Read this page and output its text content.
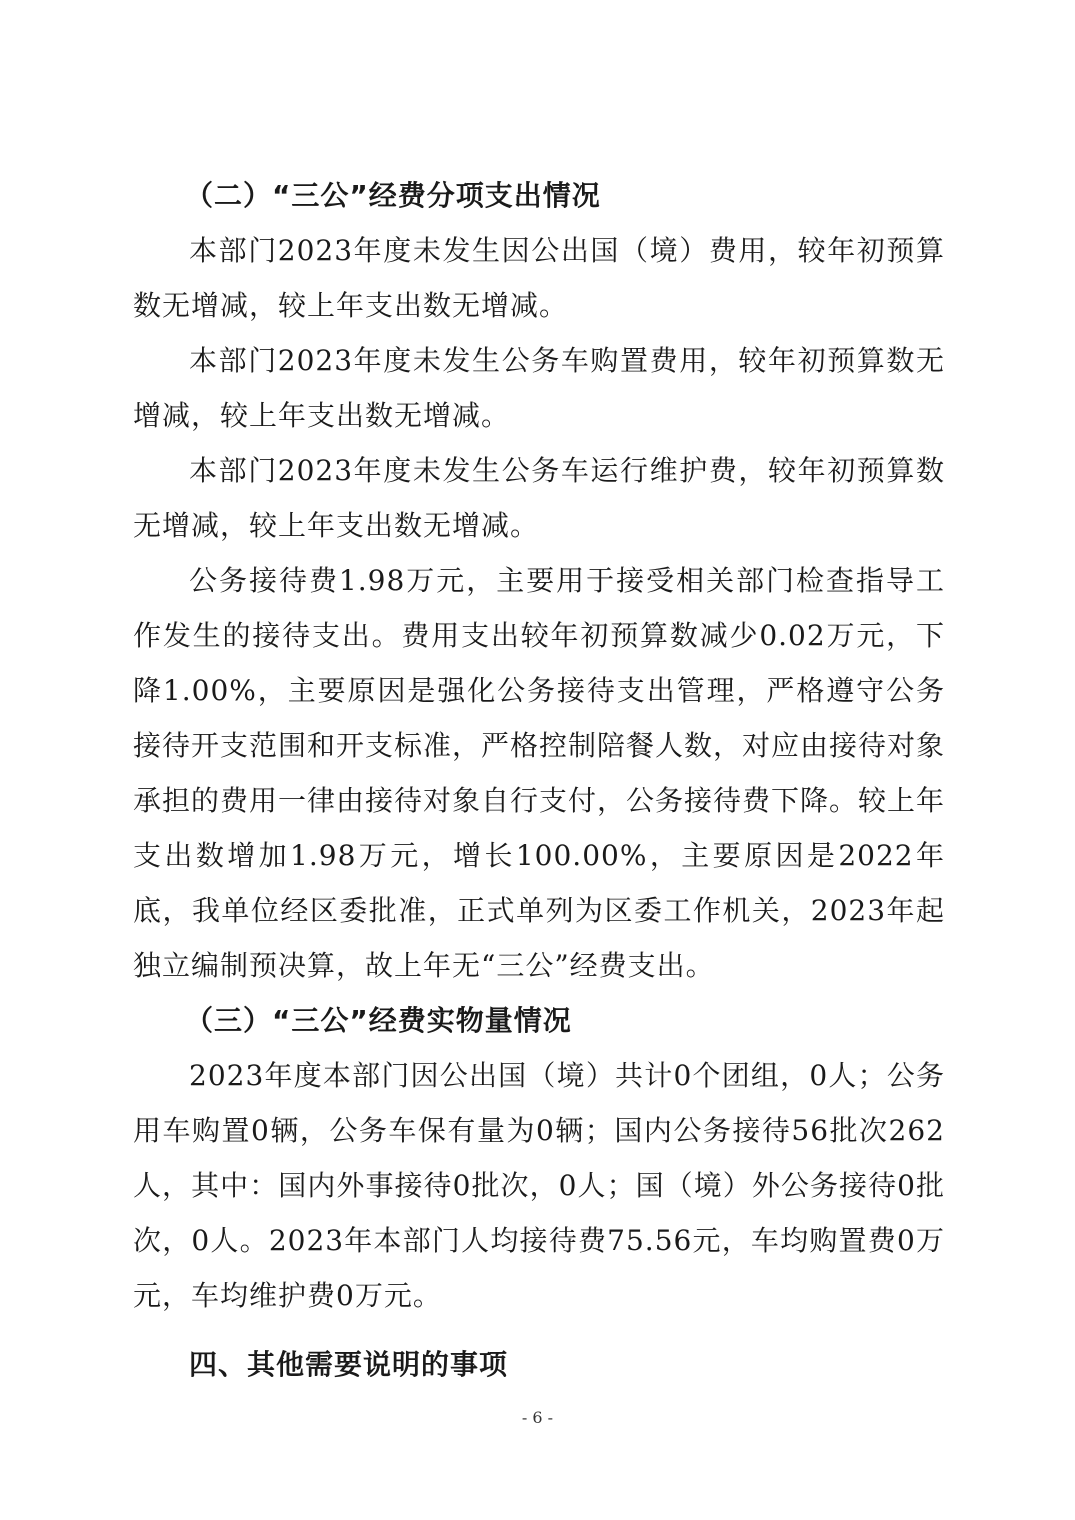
（二）“三公”经费分项支出情况

本部门2023年度未发生因公出国（境）费用，较年初预算数无增减，较上年支出数无增减。

本部门2023年度未发生公务车购置费用，较年初预算数无增减，较上年支出数无增减。

本部门2023年度未发生公务车运行维护费，较年初预算数无增减，较上年支出数无增减。

公务接待费1.98万元，主要用于接受相关部门检查指导工作发生的接待支出。费用支出较年初预算数减少0.02万元，下降1.00%，主要原因是强化公务接待支出管理，严格遵守公务接待开支范围和开支标准，严格控制陪餐人数，对应由接待对象承担的费用一律由接待对象自行支付，公务接待费下降。较上年支出数增加1.98万元，增长100.00%，主要原因是2022年底，我单位经区委批准，正式单列为区委工作机关，2023年起独立编制预决算，故上年无“三公”经费支出。

（三）“三公”经费实物量情况

2023年度本部门因公出国（境）共计0个团组，0人；公务用车购置0辆，公务车保有量为0辆；国内公务接待56批次262人，其中：国内外事接待0批次，0人；国（境）外公务接待0批次，0人。2023年本部门人均接待费75.56元，车均购置费0万元，车均维护费0万元。

四、其他需要说明的事项
- 6 -
